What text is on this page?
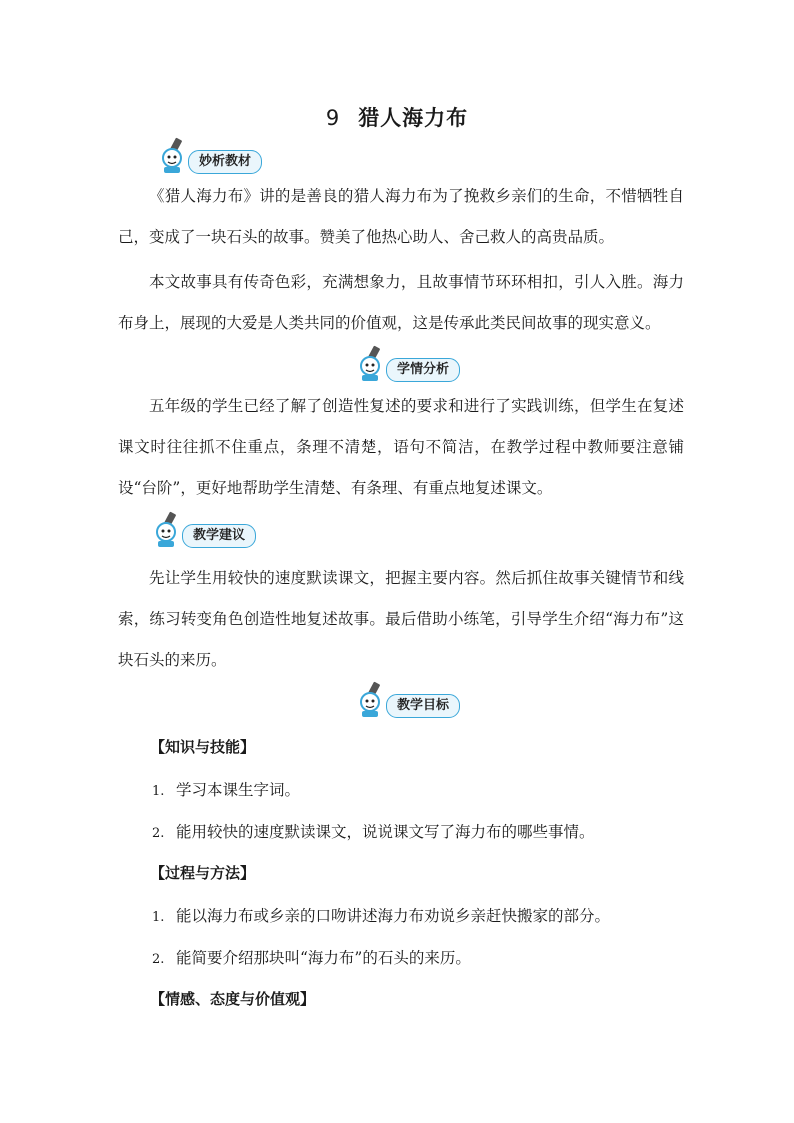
9 猎人海力布
妙析教材

《猎人海力布》讲的是善良的猎人海力布为了挽救乡亲们的生命，不惜牺牲自己，变成了一块石头的故事。赞美了他热心助人、舍己救人的高贵品质。

本文故事具有传奇色彩，充满想象力，且故事情节环环相扣，引人入胜。海力布身上，展现的大爱是人类共同的价值观，这是传承此类民间故事的现实意义。

学情分析

五年级的学生已经了解了创造性复述的要求和进行了实践训练，但学生在复述课文时往往抓不住重点，条理不清楚，语句不简洁，在教学过程中教师要注意铺设“台阶”，更好地帮助学生清楚、有条理、有重点地复述课文。

教学建议

先让学生用较快的速度默读课文，把握主要内容。然后抓住故事关键情节和线索，练习转变角色创造性地复述故事。最后借助小练笔，引导学生介绍“海力布”这块石头的来历。

教学目标
【知识与技能】
1. 学习本课生字词。
2. 能用较快的速度默读课文，说说课文写了海力布的哪些事情。
【过程与方法】
1. 能以海力布或乡亲的口吻讲述海力布劝说乡亲赶快搬家的部分。
2. 能简要介绍那块叫“海力布”的石头的来历。
【情感、态度与价值观】
